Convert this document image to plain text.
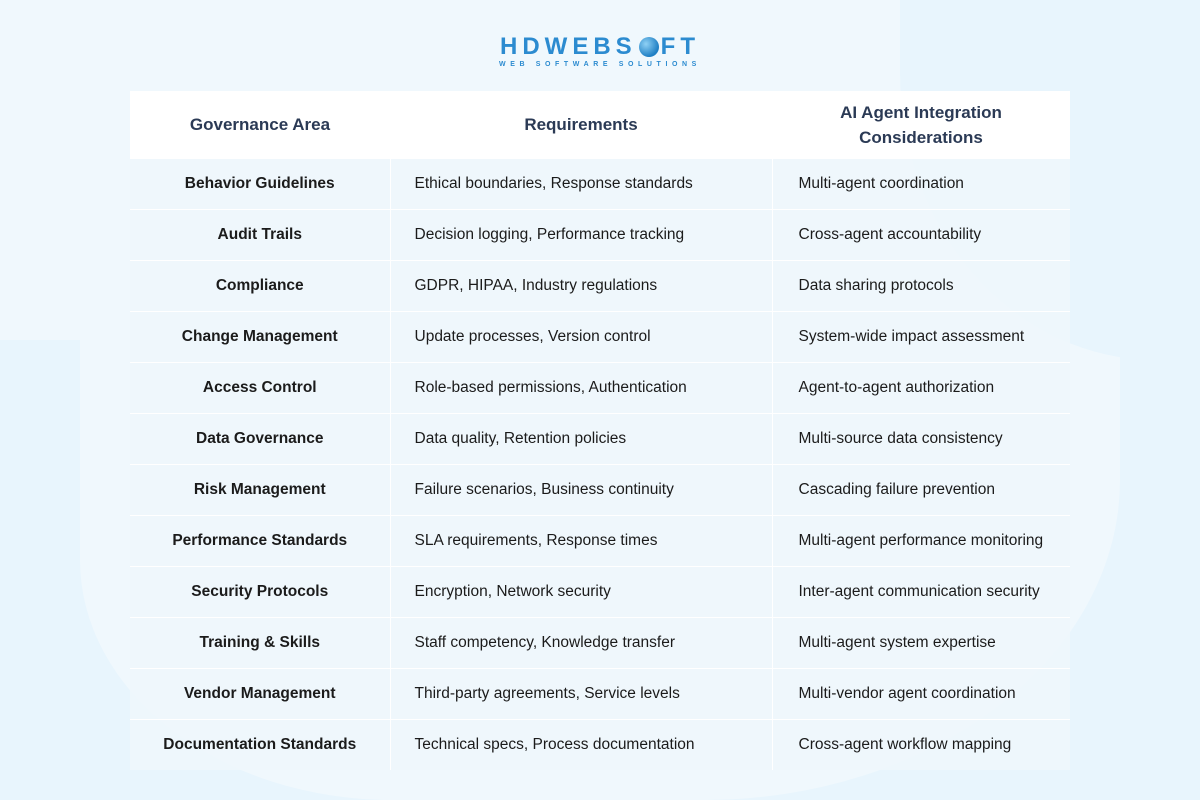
HDWEBS FT
WEB SOFTWARE SOLUTIONS
Governance Area	Requirements	AI Agent Integration Considerations
Behavior Guidelines	Ethical boundaries, Response standards	Multi-agent coordination
Audit Trails	Decision logging, Performance tracking	Cross-agent accountability
Compliance	GDPR, HIPAA, Industry regulations	Data sharing protocols
Change Management	Update processes, Version control	System-wide impact assessment
Access Control	Role-based permissions, Authentication	Agent-to-agent authorization
Data Governance	Data quality, Retention policies	Multi-source data consistency
Risk Management	Failure scenarios, Business continuity	Cascading failure prevention
Performance Standards	SLA requirements, Response times	Multi-agent performance monitoring
Security Protocols	Encryption, Network security	Inter-agent communication security
Training & Skills	Staff competency, Knowledge transfer	Multi-agent system expertise
Vendor Management	Third-party agreements, Service levels	Multi-vendor agent coordination
Documentation Standards	Technical specs, Process documentation	Cross-agent workflow mapping
